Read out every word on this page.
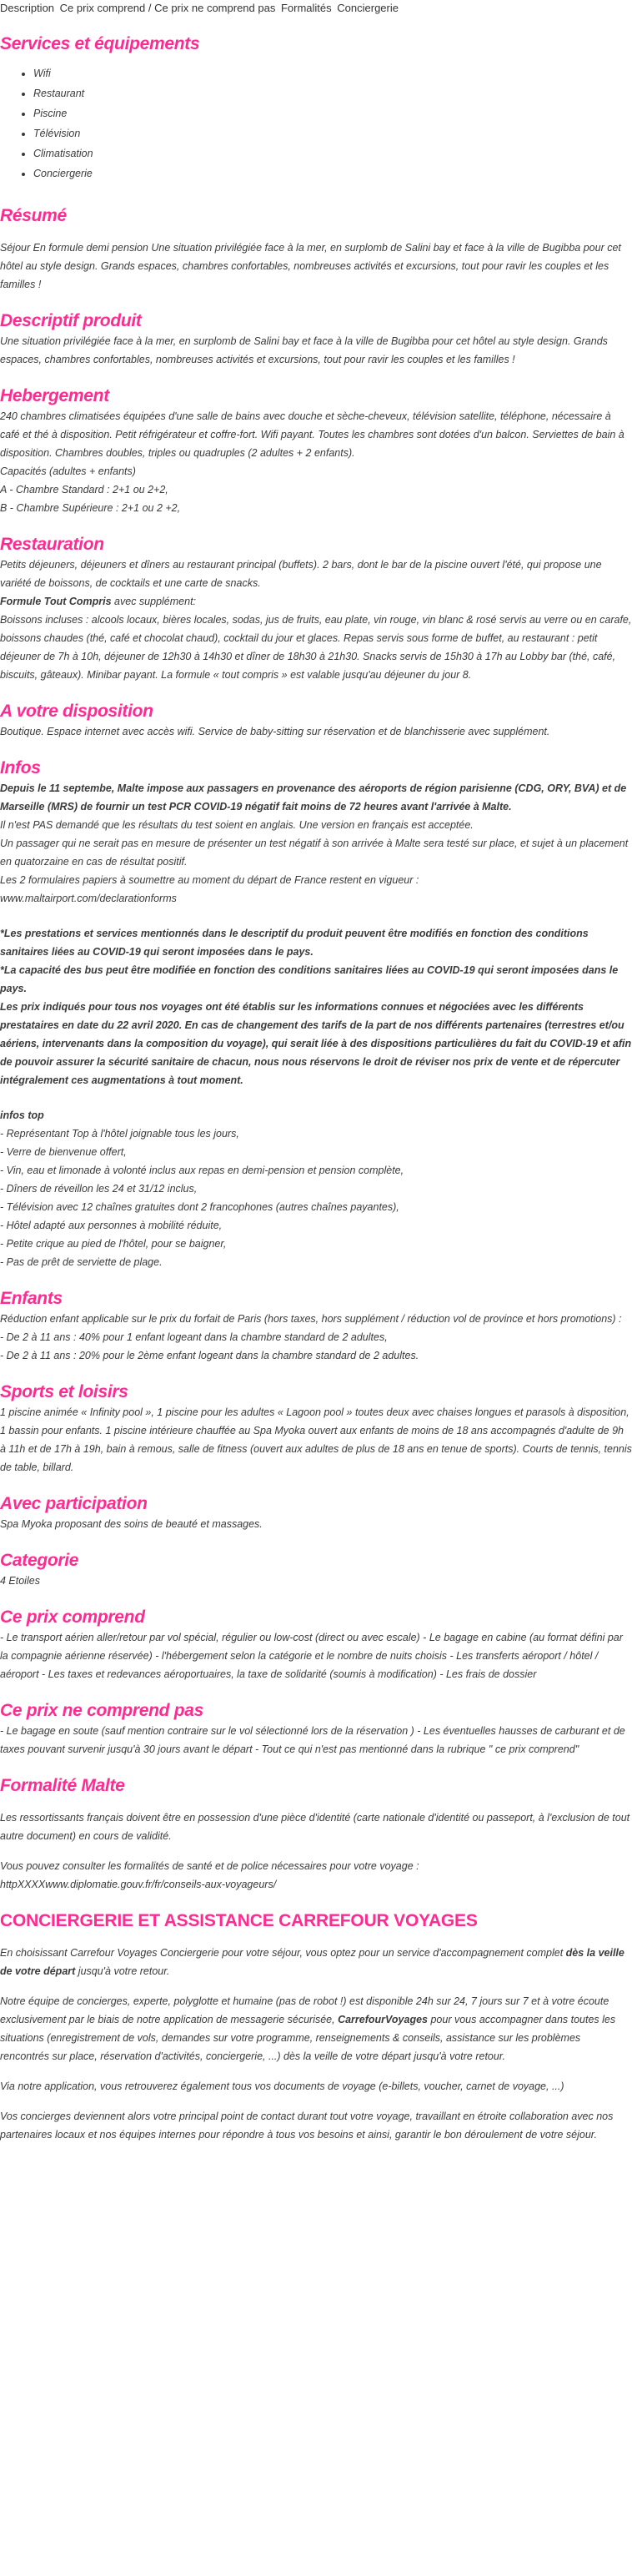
Description Ce prix comprend / Ce prix ne comprend pas Formalités Conciergerie
Services et équipements
• Wifi
• Restaurant
• Piscine
• Télévision
• Climatisation
• Conciergerie
Résumé

Séjour En formule demi pension Une situation privilégiée face à la mer, en surplomb de Salini bay et face à la ville de Bugibba pour cet hôtel au style design. Grands espaces, chambres confortables, nombreuses activités et excursions, tout pour ravir les couples et les familles !

Descriptif produit

Une situation privilégiée face à la mer, en surplomb de Salini bay et face à la ville de Bugibba pour cet hôtel au style design. Grands espaces, chambres confortables, nombreuses activités et excursions, tout pour ravir les couples et les familles !

Hebergement
240 chambres climatisées équipées d'une salle de bains avec douche et sèche-cheveux, télévision satellite, téléphone, nécessaire à café et thé à disposition. Petit réfrigérateur et coffre-fort. Wifi payant. Toutes les chambres sont dotées d'un balcon. Serviettes de bain à disposition. Chambres doubles, triples ou quadruples (2 adultes + 2 enfants).
Capacités (adultes + enfants)
A - Chambre Standard : 2+1 ou 2+2,
B - Chambre Supérieure : 2+1 ou 2 +2,
Restauration
Petits déjeuners, déjeuners et dîners au restaurant principal (buffets). 2 bars, dont le bar de la piscine ouvert l'été, qui propose une variété de boissons, de cocktails et une carte de snacks.
Formule Tout Compris avec supplément:
Boissons incluses : alcools locaux, bières locales, sodas, jus de fruits, eau plate, vin rouge, vin blanc & rosé servis au verre ou en carafe, boissons chaudes (thé, café et chocolat chaud), cocktail du jour et glaces. Repas servis sous forme de buffet, au restaurant : petit déjeuner de 7h à 10h, déjeuner de 12h30 à 14h30 et dîner de 18h30 à 21h30. Snacks servis de 15h30 à 17h au Lobby bar (thé, café, biscuits, gâteaux). Minibar payant. La formule « tout compris » est valable jusqu'au déjeuner du jour 8.
A votre disposition

Boutique. Espace internet avec accès wifi. Service de baby-sitting sur réservation et de blanchisserie avec supplément.

Infos
Depuis le 11 septembe, Malte impose aux passagers en provenance des aéroports de région parisienne (CDG, ORY, BVA) et de Marseille (MRS) de fournir un test PCR COVID-19 négatif fait moins de 72 heures avant l'arrivée à Malte.
Il n'est PAS demandé que les résultats du test soient en anglais. Une version en français est acceptée.
Un passager qui ne serait pas en mesure de présenter un test négatif à son arrivée à Malte sera testé sur place, et sujet à un placement en quatorzaine en cas de résultat positif.
Les 2 formulaires papiers à soumettre au moment du départ de France restent en vigueur :
www.maltairport.com/declarationforms
*Les prestations et services mentionnés dans le descriptif du produit peuvent être modifiés en fonction des conditions sanitaires liées au COVID-19 qui seront imposées dans le pays.
*La capacité des bus peut être modifiée en fonction des conditions sanitaires liées au COVID-19 qui seront imposées dans le pays.
Les prix indiqués pour tous nos voyages ont été établis sur les informations connues et négociées avec les différents prestataires en date du 22 avril 2020. En cas de changement des tarifs de la part de nos différents partenaires (terrestres et/ou aériens, intervenants dans la composition du voyage), qui serait liée à des dispositions particulières du fait du COVID-19 et afin de pouvoir assurer la sécurité sanitaire de chacun, nous nous réservons le droit de réviser nos prix de vente et de répercuter intégralement ces augmentations à tout moment.
infos top
- Représentant Top à l'hôtel joignable tous les jours,
- Verre de bienvenue offert,
- Vin, eau et limonade à volonté inclus aux repas en demi-pension et pension complète,
- Dîners de réveillon les 24 et 31/12 inclus,
- Télévision avec 12 chaînes gratuites dont 2 francophones (autres chaînes payantes),
- Hôtel adapté aux personnes à mobilité réduite,
- Petite crique au pied de l'hôtel, pour se baigner,
- Pas de prêt de serviette de plage.
Enfants
Réduction enfant applicable sur le prix du forfait de Paris (hors taxes, hors supplément / réduction vol de province et hors promotions) :
- De 2 à 11 ans : 40% pour 1 enfant logeant dans la chambre standard de 2 adultes,
- De 2 à 11 ans : 20% pour le 2ème enfant logeant dans la chambre standard de 2 adultes.
Sports et loisirs

1 piscine animée « Infinity pool », 1 piscine pour les adultes « Lagoon pool » toutes deux avec chaises longues et parasols à disposition, 1 bassin pour enfants. 1 piscine intérieure chauffée au Spa Myoka ouvert aux enfants de moins de 18 ans accompagnés d'adulte de 9h à 11h et de 17h à 19h, bain à remous, salle de fitness (ouvert aux adultes de plus de 18 ans en tenue de sports). Courts de tennis, tennis de table, billard.

Avec participation

Spa Myoka proposant des soins de beauté et massages.

Categorie

4 Etoiles

Ce prix comprend

- Le transport aérien aller/retour par vol spécial, régulier ou low-cost (direct ou avec escale) - Le bagage en cabine (au format défini par la compagnie aérienne réservée) - l'hébergement selon la catégorie et le nombre de nuits choisis - Les transferts aéroport / hôtel / aéroport - Les taxes et redevances aéroportuaires, la taxe de solidarité (soumis à modification) - Les frais de dossier

Ce prix ne comprend pas

- Le bagage en soute (sauf mention contraire sur le vol sélectionné lors de la réservation ) - Les éventuelles hausses de carburant et de taxes pouvant survenir jusqu'à 30 jours avant le départ - Tout ce qui n'est pas mentionné dans la rubrique " ce prix comprend"

Formalité Malte

Les ressortissants français doivent être en possession d'une pièce d'identité (carte nationale d'identité ou passeport, à l'exclusion de tout autre document) en cours de validité.

Vous pouvez consulter les formalités de santé et de police nécessaires pour votre voyage :

httpXXXXwww.diplomatie.gouv.fr/fr/conseils-aux-voyageurs/

CONCIERGERIE ET ASSISTANCE CARREFOUR VOYAGES

En choisissant Carrefour Voyages Conciergerie pour votre séjour, vous optez pour un service d'accompagnement complet dès la veille de votre départ jusqu'à votre retour.

Notre équipe de concierges, experte, polyglotte et humaine (pas de robot !) est disponible 24h sur 24, 7 jours sur 7 et à votre écoute exclusivement par le biais de notre application de messagerie sécurisée, CarrefourVoyages pour vous accompagner dans toutes les situations (enregistrement de vols, demandes sur votre programme, renseignements & conseils, assistance sur les problèmes rencontrés sur place, réservation d'activités, conciergerie, ...) dès la veille de votre départ jusqu'à votre retour.

Via notre application, vous retrouverez également tous vos documents de voyage (e-billets, voucher, carnet de voyage, ...)

Vos concierges deviennent alors votre principal point de contact durant tout votre voyage, travaillant en étroite collaboration avec nos partenaires locaux et nos équipes internes pour répondre à tous vos besoins et ainsi, garantir le bon déroulement de votre séjour.
